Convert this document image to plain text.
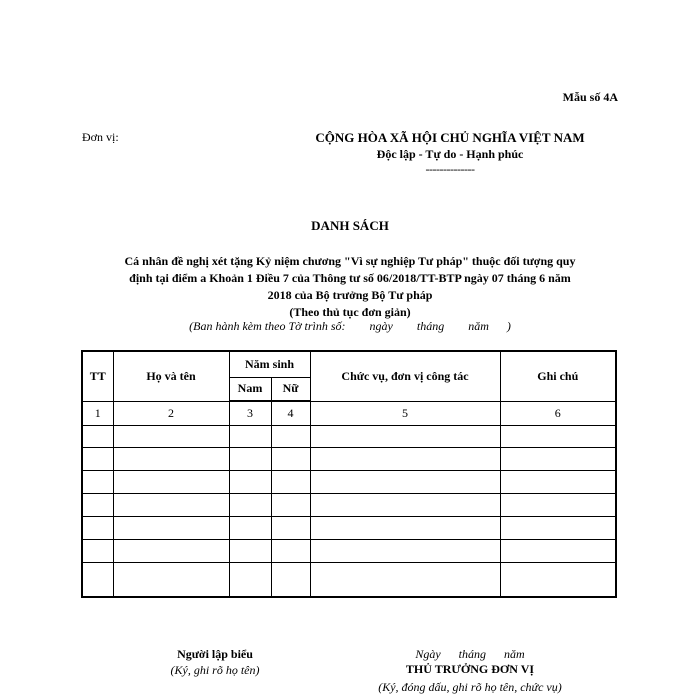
Mẫu số 4A
Đơn vị:	CỘNG HÒA XÃ HỘI CHỦ NGHĨA VIỆT NAM
Độc lập - Tự do - Hạnh phúc
--------------
DANH SÁCH
Cá nhân đề nghị xét tặng Kỷ niệm chương "Vì sự nghiệp Tư pháp" thuộc đối tượng quy
định tại điểm a Khoản 1 Điều 7 của Thông tư số 06/2018/TT-BTP ngày 07 tháng 6 năm
2018 của Bộ trưởng Bộ Tư pháp
(Theo thủ tục đơn giản)
(Ban hành kèm theo Tờ trình số:        ngày        tháng        năm      )
TT	Họ và tên	Năm sinh		Chức vụ, đơn vị công tác	Ghi chú
		Nam	Nữ		
1	2	3	4	5	6

Người lập biểu
(Ký, ghi rõ họ tên)
Ngày      tháng      năm
THỦ TRƯỞNG ĐƠN VỊ
(Ký, đóng dấu, ghi rõ họ tên, chức vụ)
